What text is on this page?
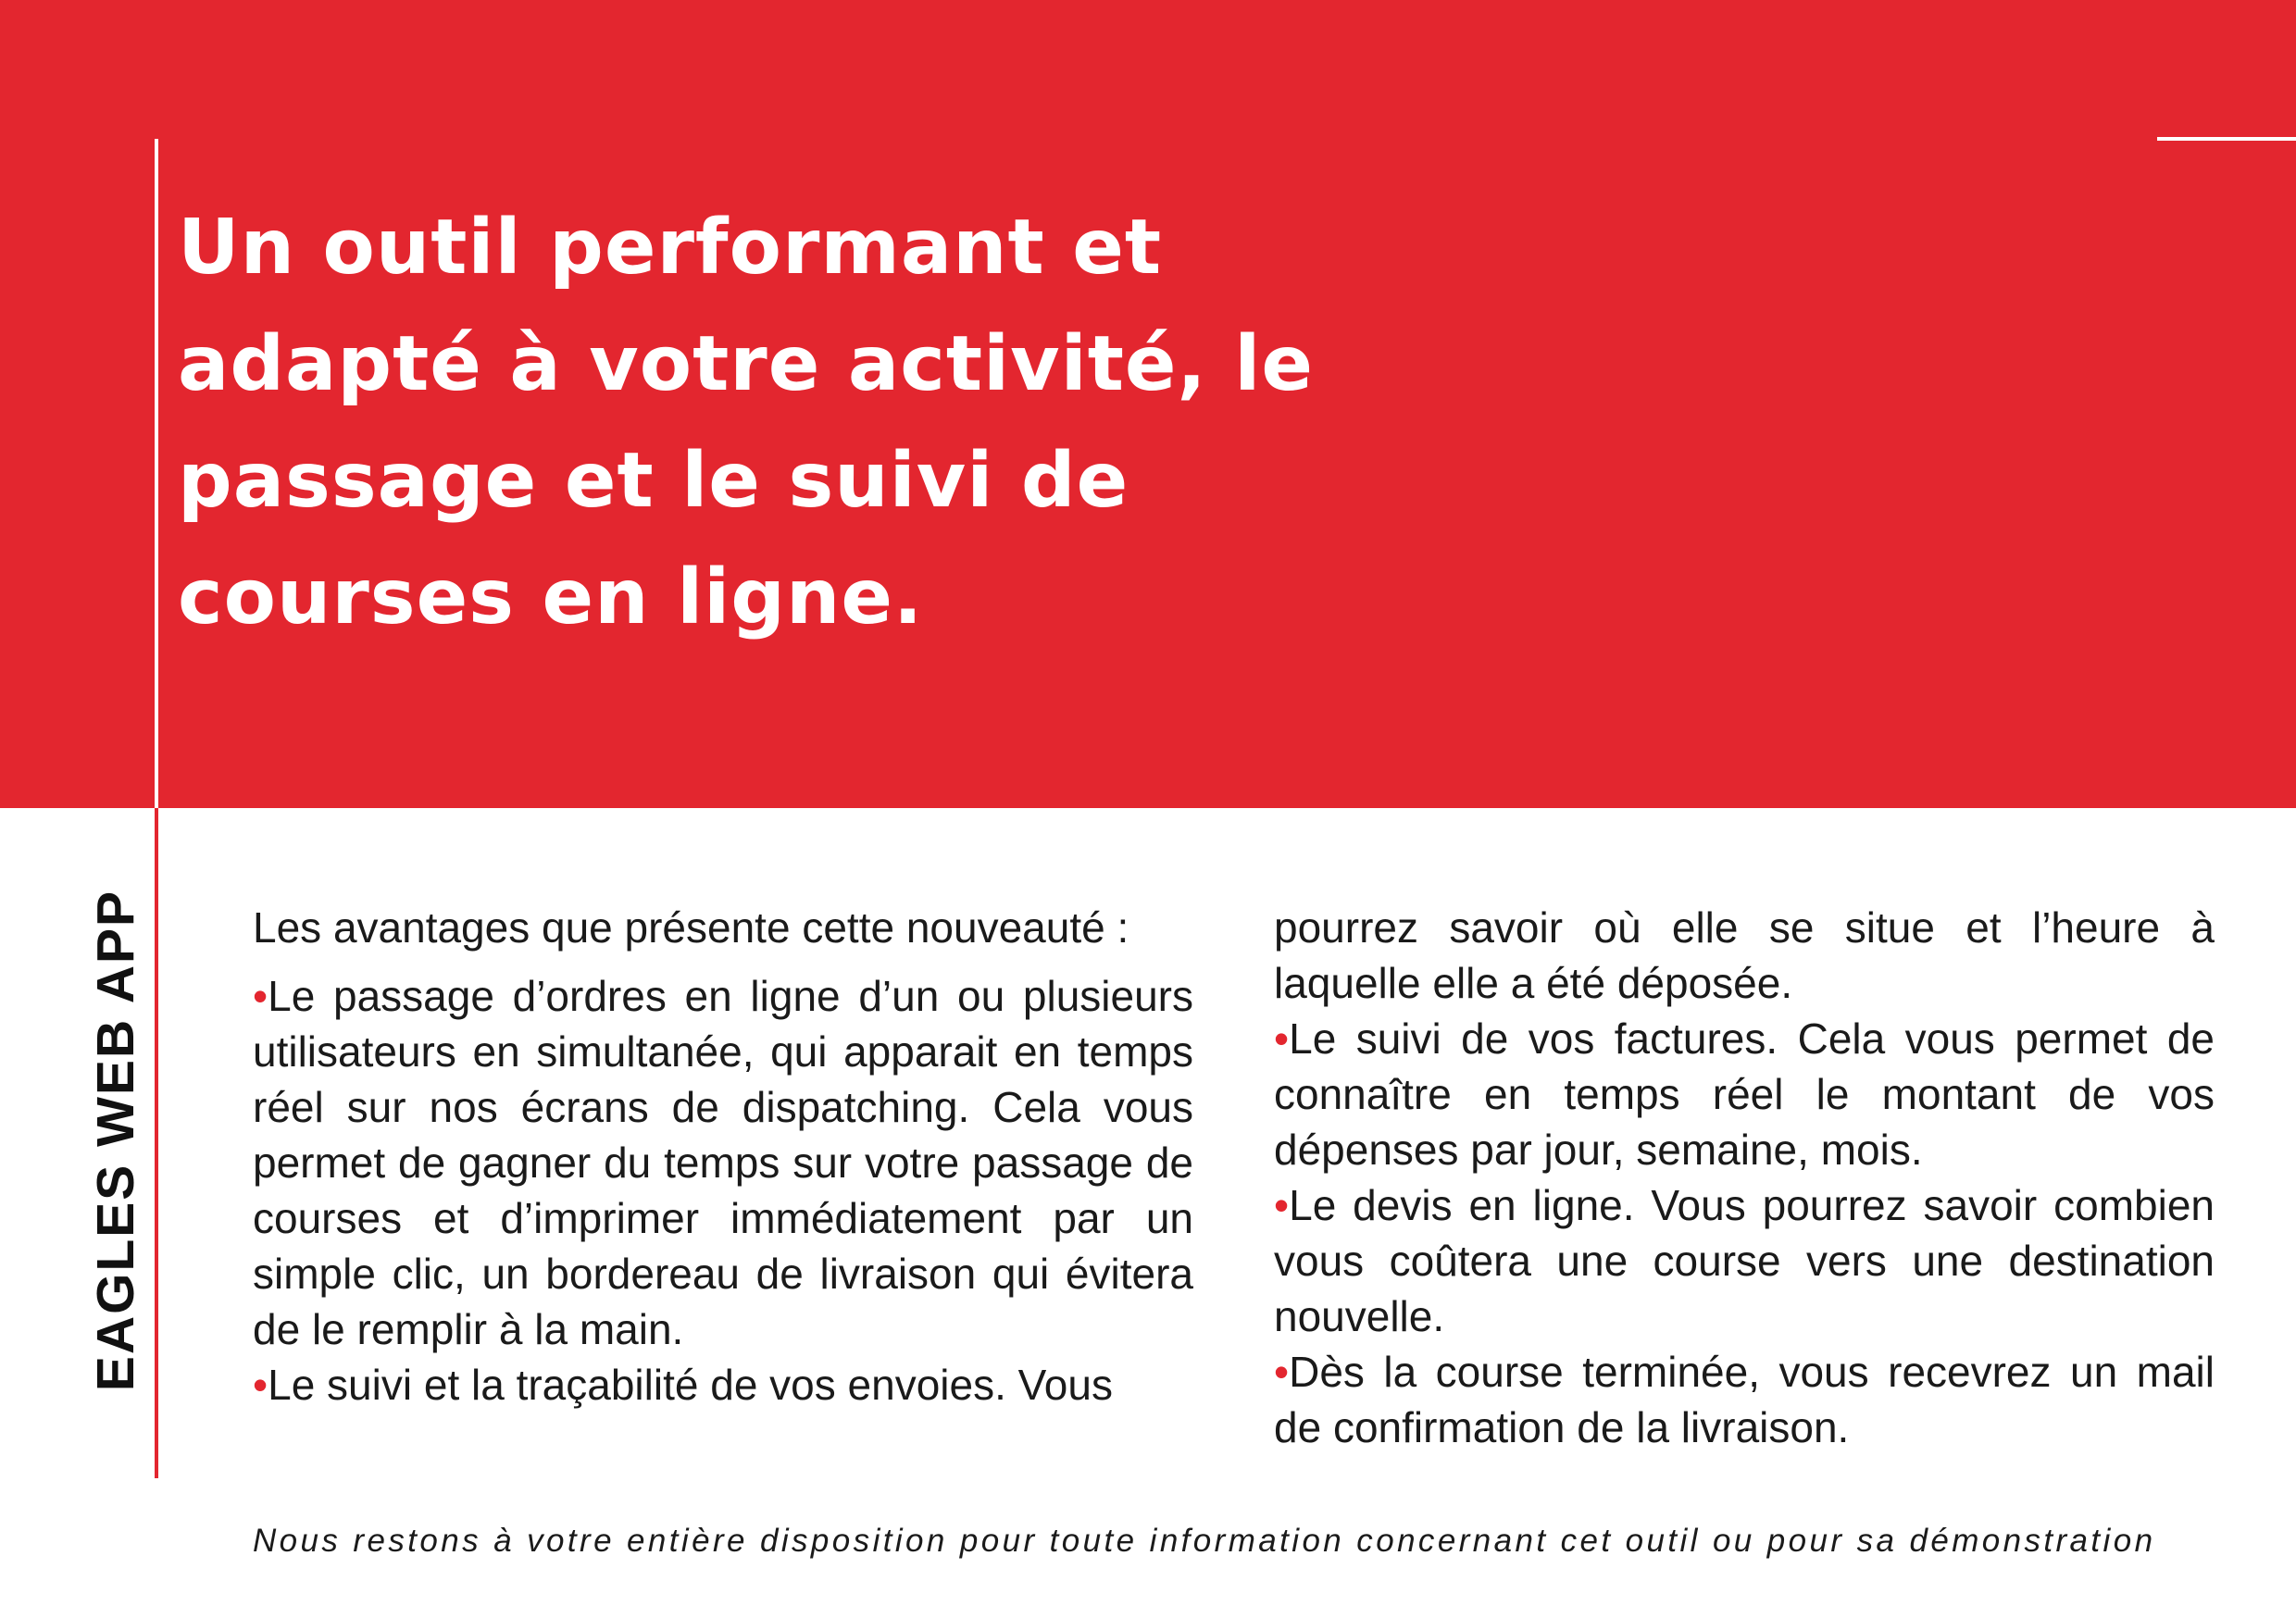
Un outil performant et adapté à votre activité, le passage et le suivi de courses en ligne.
EAGLES WEB APP	Les avantages que présente cette nouveauté :

•Le passage d’ordres en ligne d’un ou plusieurs utilisateurs en simultanée, qui apparait en temps réel sur nos écrans de dispatching. Cela vous permet de gagner du temps sur votre passage de courses et d’imprimer immédiatement par un simple clic, un bordereau de livraison qui évitera de le remplir à la main.

•Le suivi et la traçabilité de vos envoies. Vous

pourrez savoir où elle se situe et l’heure à laquelle elle a été déposée.

•Le suivi de vos factures. Cela vous permet de connaître en temps réel le montant de vos dépenses par jour, semaine, mois.

•Le devis en ligne. Vous pourrez savoir combien vous coûtera une course vers une destination nouvelle.

•Dès la course terminée, vous recevrez un mail de confirmation de la livraison.

Nous restons à votre entière disposition pour toute information concernant cet outil ou pour sa démonstration
